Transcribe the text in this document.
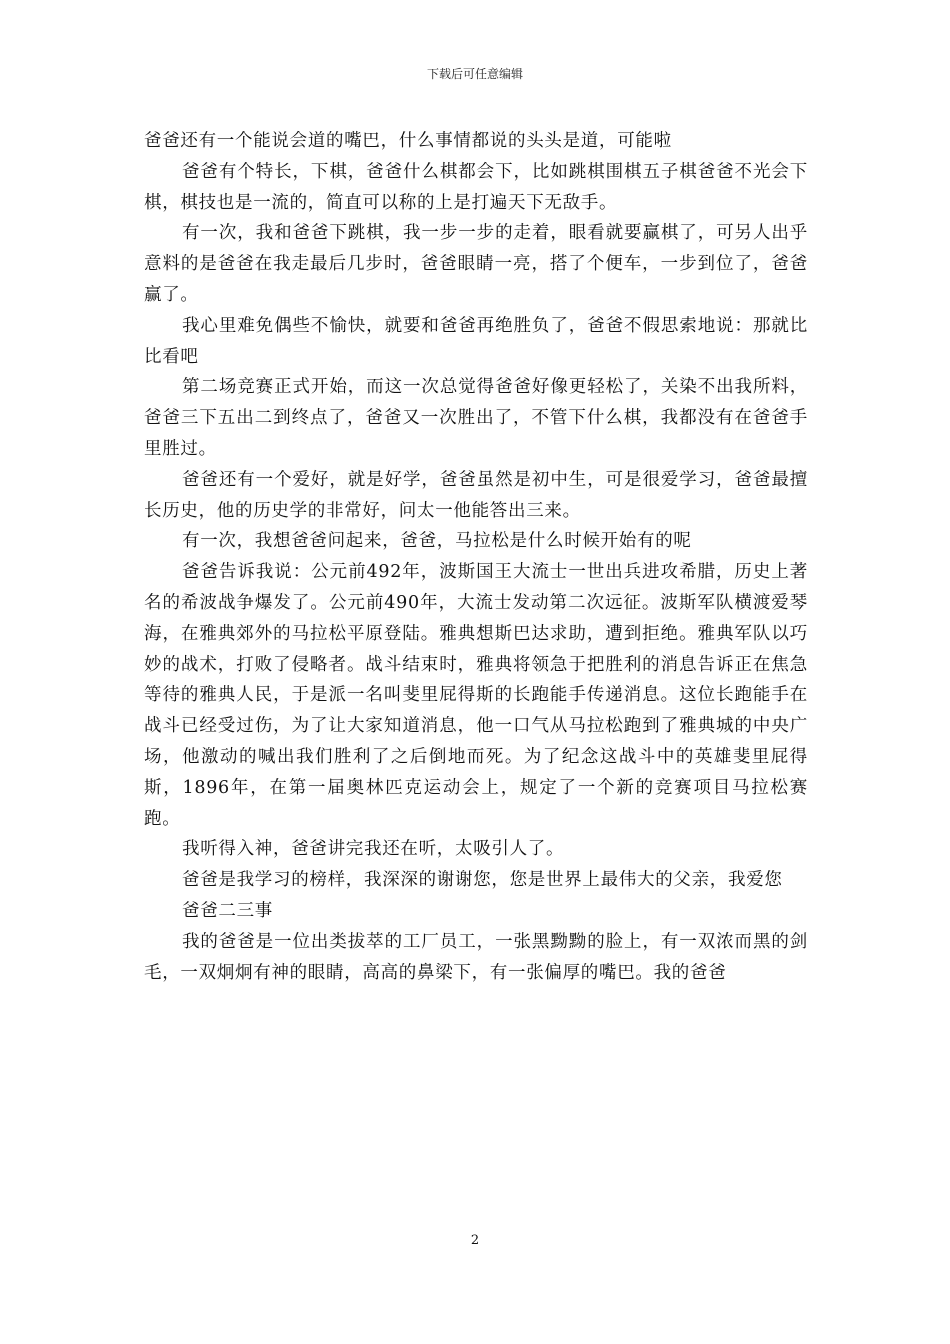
下载后可任意编辑

爸爸还有一个能说会道的嘴巴，什么事情都说的头头是道，可能啦

爸爸有个特长，下棋，爸爸什么棋都会下，比如跳棋围棋五子棋爸爸不光会下棋，棋技也是一流的，简直可以称的上是打遍天下无敌手。

有一次，我和爸爸下跳棋，我一步一步的走着，眼看就要赢棋了，可另人出乎意料的是爸爸在我走最后几步时，爸爸眼睛一亮，搭了个便车，一步到位了，爸爸赢了。

我心里难免偶些不愉快，就要和爸爸再绝胜负了，爸爸不假思索地说：那就比比看吧

第二场竞赛正式开始，而这一次总觉得爸爸好像更轻松了，关染不出我所料，爸爸三下五出二到终点了，爸爸又一次胜出了，不管下什么棋，我都没有在爸爸手里胜过。

爸爸还有一个爱好，就是好学，爸爸虽然是初中生，可是很爱学习，爸爸最擅长历史，他的历史学的非常好，问太一他能答出三来。

有一次，我想爸爸问起来，爸爸，马拉松是什么时候开始有的呢

爸爸告诉我说：公元前492年，波斯国王大流士一世出兵进攻希腊，历史上著名的希波战争爆发了。公元前490年，大流士发动第二次远征。波斯军队横渡爱琴海，在雅典郊外的马拉松平原登陆。雅典想斯巴达求助，遭到拒绝。雅典军队以巧妙的战术，打败了侵略者。战斗结束时，雅典将领急于把胜利的消息告诉正在焦急等待的雅典人民，于是派一名叫斐里屁得斯的长跑能手传递消息。这位长跑能手在战斗已经受过伤，为了让大家知道消息，他一口气从马拉松跑到了雅典城的中央广场，他激动的喊出我们胜利了之后倒地而死。为了纪念这战斗中的英雄斐里屁得斯，1896年，在第一届奥林匹克运动会上，规定了一个新的竞赛项目马拉松赛跑。

我听得入神，爸爸讲完我还在听，太吸引人了。

爸爸是我学习的榜样，我深深的谢谢您，您是世界上最伟大的父亲，我爱您

爸爸二三事

我的爸爸是一位出类拔萃的工厂员工，一张黑黝黝的脸上，有一双浓而黑的剑毛，一双炯炯有神的眼睛，高高的鼻梁下，有一张偏厚的嘴巴。我的爸爸

2
